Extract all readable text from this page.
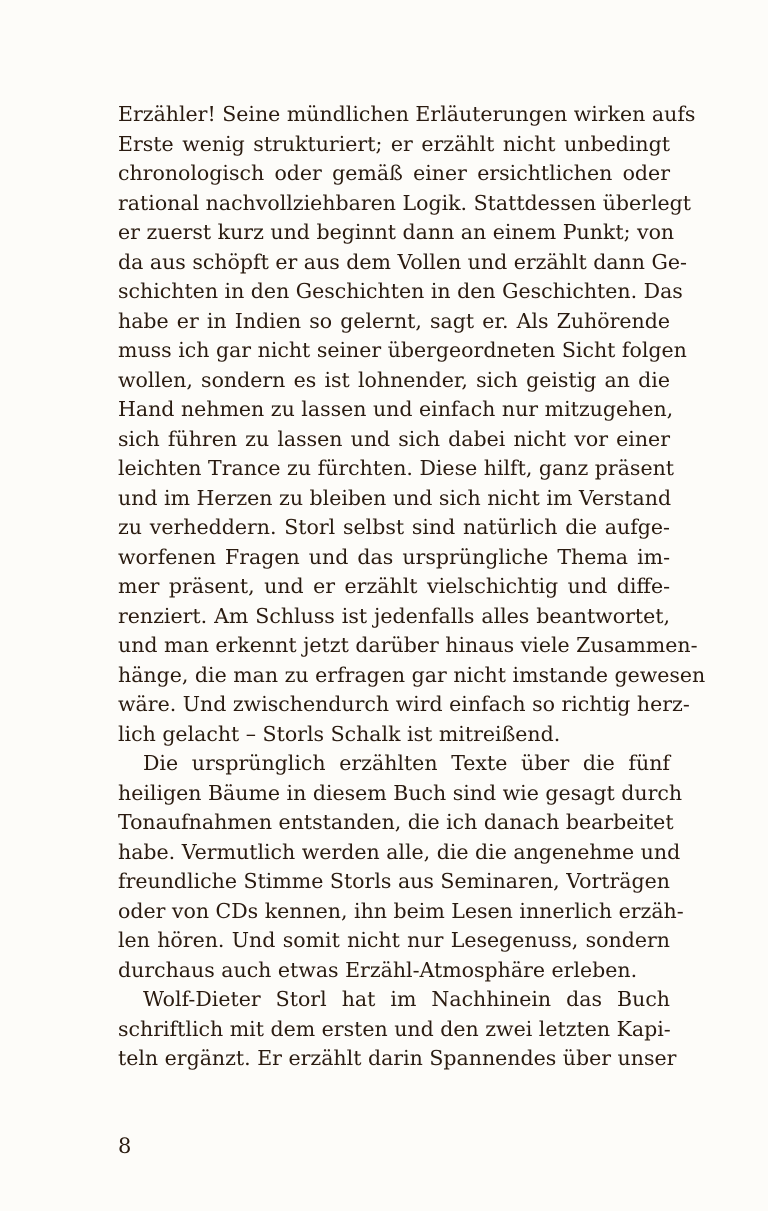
Erzähler! Seine mündlichen Erläuterungen wirken aufs
Erste wenig strukturiert; er erzählt nicht unbedingt
chronologisch oder gemäß einer ersichtlichen oder
rational nachvollziehbaren Logik. Stattdessen überlegt
er zuerst kurz und beginnt dann an einem Punkt; von
da aus schöpft er aus dem Vollen und erzählt dann Ge-
schichten in den Geschichten in den Geschichten. Das
habe er in Indien so gelernt, sagt er. Als Zuhörende
muss ich gar nicht seiner übergeordneten Sicht folgen
wollen, sondern es ist lohnender, sich geistig an die
Hand nehmen zu lassen und einfach nur mitzugehen,
sich führen zu lassen und sich dabei nicht vor einer
leichten Trance zu fürchten. Diese hilft, ganz präsent
und im Herzen zu bleiben und sich nicht im Verstand
zu verheddern. Storl selbst sind natürlich die aufge-
worfenen Fragen und das ursprüngliche Thema im-
mer präsent, und er erzählt vielschichtig und diffe-
renziert. Am Schluss ist jedenfalls alles beantwortet,
und man erkennt jetzt darüber hinaus viele Zusammen-
hänge, die man zu erfragen gar nicht imstande gewesen
wäre. Und zwischendurch wird einfach so richtig herz-
lich gelacht – Storls Schalk ist mitreißend.
Die ursprünglich erzählten Texte über die fünf
heiligen Bäume in diesem Buch sind wie gesagt durch
Tonaufnahmen entstanden, die ich danach bearbeitet
habe. Vermutlich werden alle, die die angenehme und
freundliche Stimme Storls aus Seminaren, Vorträgen
oder von CDs kennen, ihn beim Lesen innerlich erzäh-
len hören. Und somit nicht nur Lesegenuss, sondern
durchaus auch etwas Erzähl-Atmosphäre erleben.
Wolf-Dieter Storl hat im Nachhinein das Buch
schriftlich mit dem ersten und den zwei letzten Kapi-
teln ergänzt. Er erzählt darin Spannendes über unser
8
